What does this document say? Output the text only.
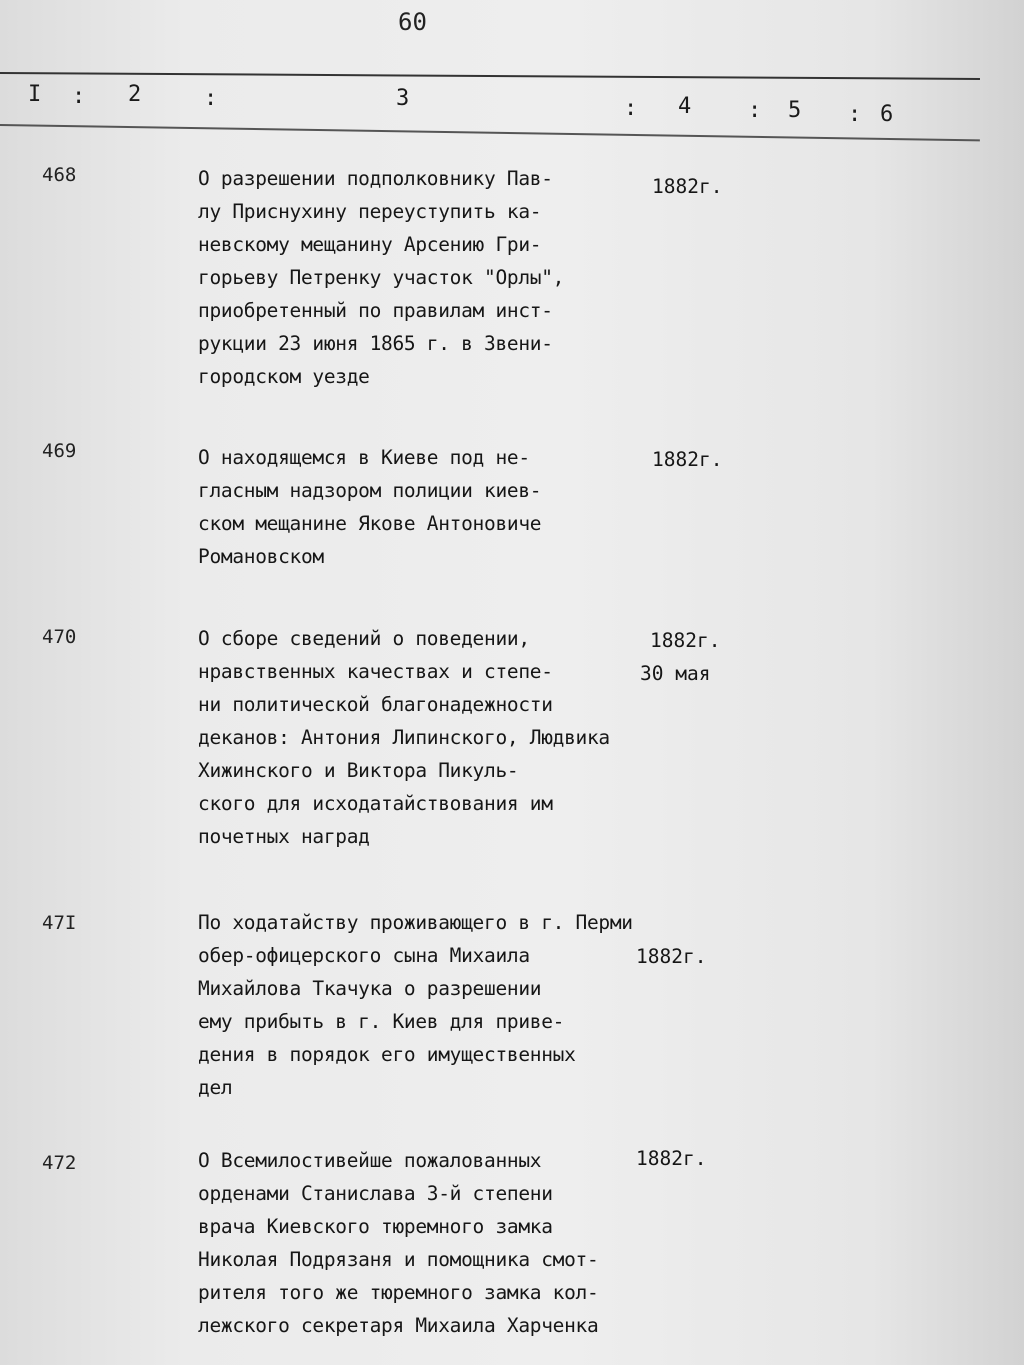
60
I : 2	:	3	: 4	: 5 : 6
468	О разрешении подполковнику Пав-
лу Приснухину переуступить ка-
невскому мещанину Арсению Гри-
горьеву Петренку участок "Орлы",
приобретенный по правилам инст-
рукции 23 июня 1865 г. в Звени-
городском уезде
1882г.
469	О находящемся в Киеве под не-
гласным надзором полиции киев-
ском мещанине Якове Антоновиче
Романовском
1882г.
470	О сборе сведений о поведении,
нравственных качествах и степе-
ни политической благонадежности
деканов: Антония Липинского, Людвика
Хижинского и Виктора Пикуль-
ского для исходатайствования им
почетных наград
1882г.
30 мая
47I	По ходатайству проживающего в г. Перми
обер-офицерского сына Михаила
Михайлова Ткачука о разрешении
ему прибыть в г. Киев для приве-
дения в порядок его имущественных
дел
1882г.
472	О Всемилостивейше пожалованных
орденами Станислава 3-й степени
врача Киевского тюремного замка
Николая Подрязаня и помощника смот-
рителя того же тюремного замка кол-
лежского секретаря Михаила Харченка
1882г.
